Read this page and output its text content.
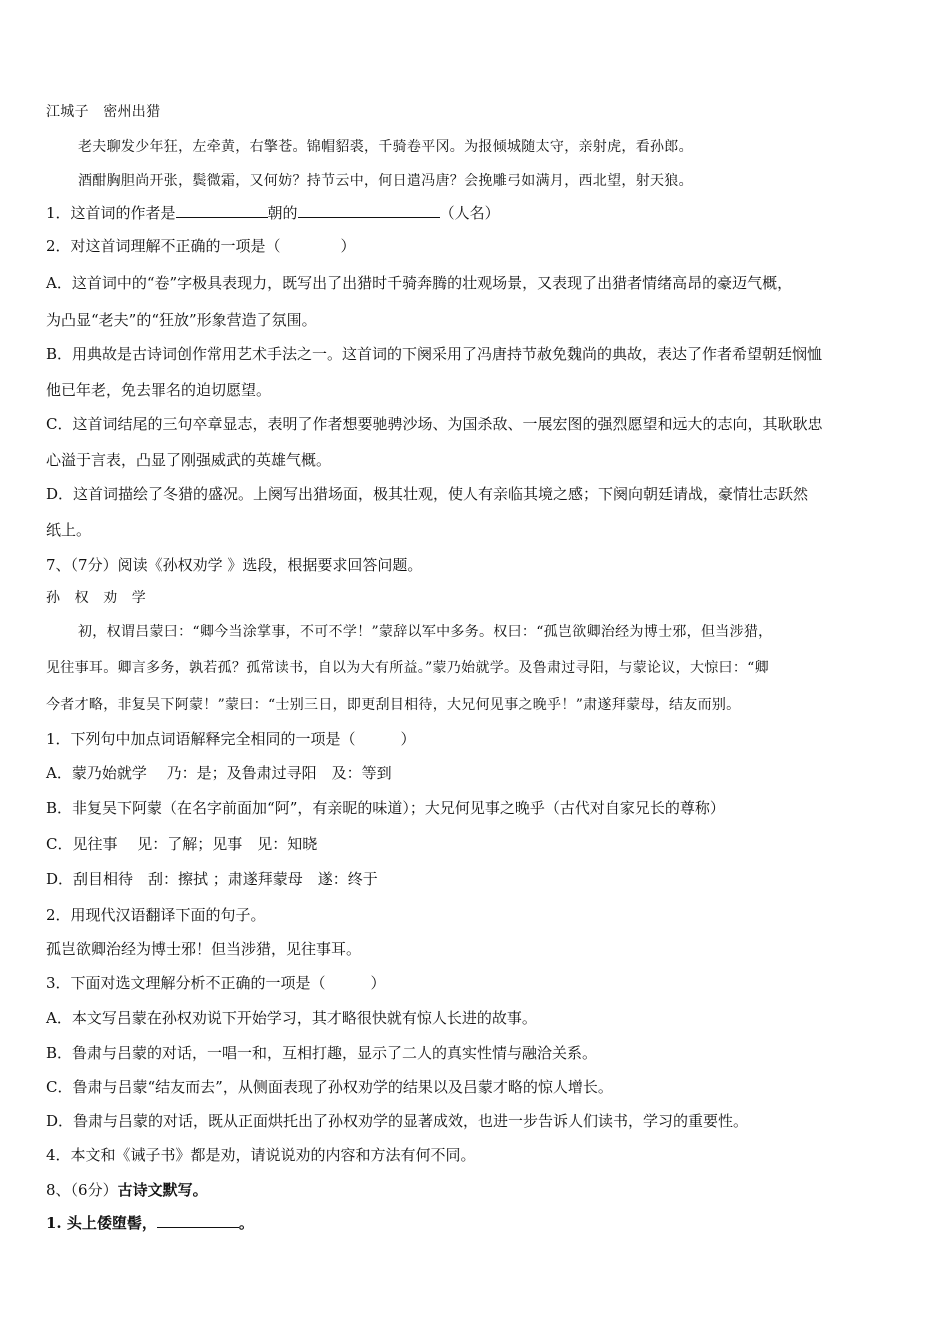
江城子　密州出猎
老夫聊发少年狂，左牵黄，右擎苍。锦帽貂裘，千骑卷平冈。为报倾城随太守，亲射虎，看孙郎。
酒酣胸胆尚开张，鬓微霜，又何妨？持节云中，何日遣冯唐？会挽雕弓如满月，西北望，射天狼。
1．这首词的作者是	朝的	（人名）
2．对这首词理解不正确的一项是（　　　　）
A．这首词中的“卷”字极具表现力，既写出了出猎时千骑奔腾的壮观场景，又表现了出猎者情绪高昂的豪迈气概，
为凸显“老夫”的“狂放”形象营造了氛围。
B．用典故是古诗词创作常用艺术手法之一。这首词的下阕采用了冯唐持节赦免魏尚的典故，表达了作者希望朝廷悯恤
他已年老，免去罪名的迫切愿望。
C．这首词结尾的三句卒章显志，表明了作者想要驰骋沙场、为国杀敌、一展宏图的强烈愿望和远大的志向，其耿耿忠
心溢于言表，凸显了刚强威武的英雄气概。
D．这首词描绘了冬猎的盛况。上阕写出猎场面，极其壮观，使人有亲临其境之感；下阕向朝廷请战，豪情壮志跃然
纸上。
7、（7分）阅读《孙权劝学 》选段，根据要求回答问题。
孙　权　劝　学
初，权谓吕蒙曰：“卿今当涂掌事，不可不学！”蒙辞以军中多务。权曰：“孤岂欲卿治经为博士邪，但当涉猎，
见往事耳。卿言多务，孰若孤？孤常读书，自以为大有所益。”蒙乃始就学。及鲁肃过寻阳，与蒙论议，大惊曰：“卿
今者才略，非复吴下阿蒙！”蒙曰：“士别三日，即更刮目相待，大兄何见事之晚乎！”肃遂拜蒙母，结友而别。
1．下列句中加点词语解释完全相同的一项是（　　　）
A．蒙乃始就学　 乃：是；及鲁肃过寻阳　及：等到
B．非复吴下阿蒙（在名字前面加“阿”，有亲昵的味道）；大兄何见事之晚乎（古代对自家兄长的尊称）
C．见往事　 见：了解；见事　见：知晓
D．刮目相待　刮：擦拭 ；肃遂拜蒙母　遂：终于
2．用现代汉语翻译下面的句子。
孤岂欲卿治经为博士邪！但当涉猎，见往事耳。
3．下面对选文理解分析不正确的一项是（　　　）
A．本文写吕蒙在孙权劝说下开始学习，其才略很快就有惊人长进的故事。
B．鲁肃与吕蒙的对话，一唱一和，互相打趣，显示了二人的真实性情与融洽关系。
C．鲁肃与吕蒙“结友而去”，从侧面表现了孙权劝学的结果以及吕蒙才略的惊人增长。
D．鲁肃与吕蒙的对话，既从正面烘托出了孙权劝学的显著成效，也进一步告诉人们读书，学习的重要性。
4．本文和《诫子书》都是劝，请说说劝的内容和方法有何不同。
8、（6分）古诗文默写。
1. 头上倭堕髻，	。
